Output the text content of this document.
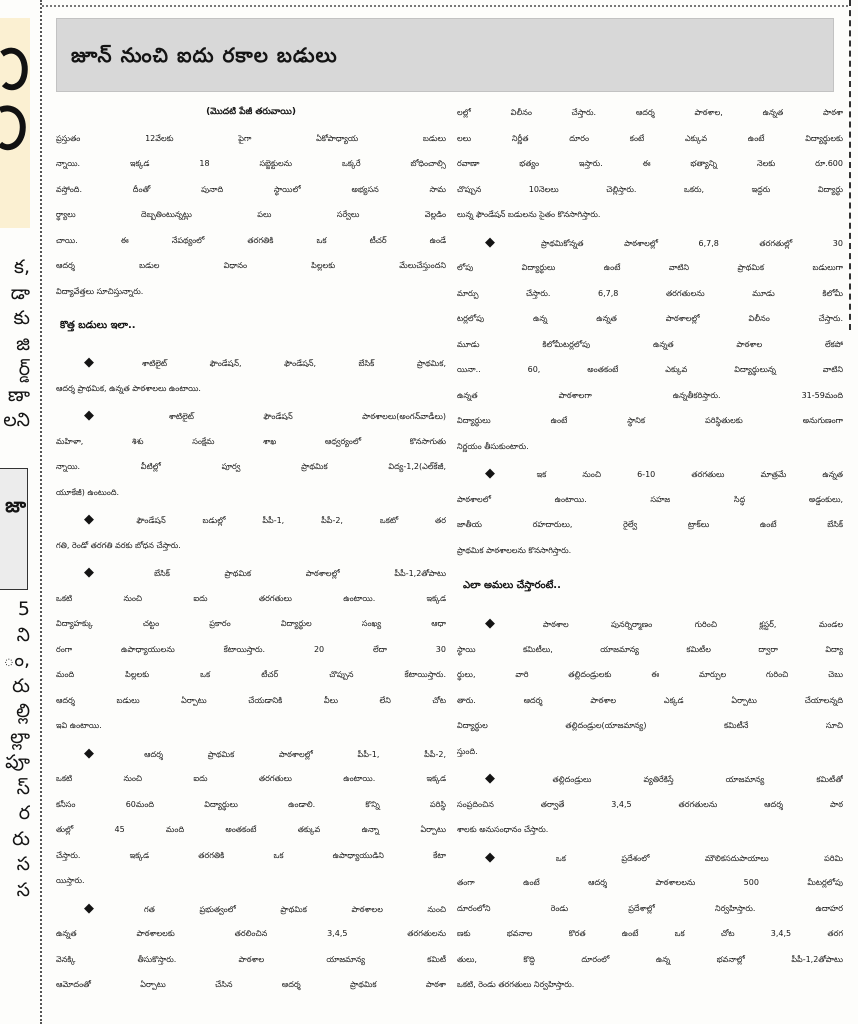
క,
డా
కు
జి
ర్డ్
ణా
లని
జా
5
ని
ం,
రు
ల్లి
ల్లా
పూ
స్
ర
రు
స
స
జూన్ నుంచి ఐదు రకాల బడులు
(మొదటి పేజీ తరువాయి)
ప్రస్తుతం 12వేలకు పైగా ఏకోపాధ్యాయ బడులు
న్నాయి. ఇక్కడ 18 సబ్జెక్టులను ఒక్కరే బోధించాల్సి
వస్తోంది. దీంతో పునాది స్థాయిలో అభ్యసన సామ
ర్థ్యాలు దెబ్బతింటున్నట్లు పలు సర్వేలు వెల్లడిం
చాయి. ఈ నేపథ్యంలో తరగతికి ఒక టీచర్ ఉండే
ఆదర్శ బడుల విధానం పిల్లలకు మేలుచేస్తుందని
విద్యావేత్తలు సూచిస్తున్నారు.
కొత్త బడులు ఇలా..
◆ శాటిలైట్ ఫౌండేషన్, ఫౌండేషన్, బేసిక్ ప్రాథమిక,
ఆదర్శ ప్రాథమిక, ఉన్నత పాఠశాలలు ఉంటాయి.
◆ శాటిలైట్ ఫౌండేషన్ పాఠశాలలు(అంగన్‌వాడీలు)
మహిళా, శిశు సంక్షేమ శాఖ ఆధ్వర్యంలో కొనసాగుతు
న్నాయి. వీటిల్లో పూర్వ ప్రాథమిక విద్య-1,2(ఎల్‌కేజీ,
యూకేజీ) ఉంటుంది.
◆ ఫౌండేషన్ బడుల్లో పీపీ-1, పీపీ-2, ఒకటో తర
గతి, రెండో తరగతి వరకు బోధన చేస్తారు.
◆ బేసిక్ ప్రాథమిక పాఠశాలల్లో పీపీ-1,2తోపాటు
ఒకటి నుంచి ఐదు తరగతులు ఉంటాయి. ఇక్కడ
విద్యాహక్కు చట్టం ప్రకారం విద్యార్థుల సంఖ్య ఆధా
రంగా ఉపాధ్యాయులను కేటాయిస్తారు. 20 లేదా 30
మంది పిల్లలకు ఒక టీచర్ చొప్పున కేటాయిస్తారు.
ఆదర్శ బడులు ఏర్పాటు చేయడానికి వీలు లేని చోట
ఇవి ఉంటాయి.
◆ ఆదర్శ ప్రాథమిక పాఠశాలల్లో పీపీ-1, పీపీ-2,
ఒకటి నుంచి ఐదు తరగతులు ఉంటాయి. ఇక్కడ
కనీసం 60మంది విద్యార్థులు ఉండాలి. కొన్ని పరిస్థి
తుల్లో 45 మంది అంతకంటే తక్కువ ఉన్నా ఏర్పాటు
చేస్తారు. ఇక్కడ తరగతికి ఒక ఉపాధ్యాయుడిని కేటా
యిస్తారు.
◆ గత ప్రభుత్వంలో ప్రాథమిక పాఠశాలల నుంచి
ఉన్నత పాఠశాలలకు తరలించిన 3,4,5 తరగతులను
వెనక్కి తీసుకొస్తారు. పాఠశాల యాజమాన్య కమిటీ
ఆమోదంతో ఏర్పాటు చేసిన ఆదర్శ ప్రాథమిక పాఠశా
లల్లో విలీనం చేస్తారు. ఆదర్శ పాఠశాల, ఉన్నత పాఠశా
లలు నిర్ణీత దూరం కంటే ఎక్కువ ఉంటే విద్యార్థులకు
రవాణా భత్యం ఇస్తారు. ఈ భత్యాన్ని నెలకు రూ.600
చొప్పున 10నెలలు చెల్లిస్తారు. ఒకరు, ఇద్దరు విద్యార్థు
లున్న ఫౌండేషన్ బడులను సైతం కొనసాగిస్తారు.
◆ ప్రాథమికోన్నత పాఠశాలల్లో 6,7,8 తరగతుల్లో 30
లోపు విద్యార్థులు ఉంటే వాటిని ప్రాథమిక బడులుగా
మార్పు చేస్తారు. 6,7,8 తరగతులను మూడు కిలోమీ
టర్లలోపు ఉన్న ఉన్నత పాఠశాలల్లో విలీనం చేస్తారు.
మూడు కిలోమీటర్లలోపు ఉన్నత పాఠశాల లేకపో
యినా.. 60, అంతకంటే ఎక్కువ విద్యార్థులున్న వాటిని
ఉన్నత పాఠశాలగా ఉన్నతీకరిస్తారు. 31-59మంది
విద్యార్థులు ఉంటే స్థానిక పరిస్థితులకు అనుగుణంగా
నిర్ణయం తీసుకుంటారు.
◆ ఇక నుంచి 6-10 తరగతులు మాత్రమే ఉన్నత
పాఠశాలలో ఉంటాయి. సహజ సిద్ధ అడ్డంకులు,
జాతీయ రహదారులు, రైల్వే ట్రాక్‌లు ఉంటే బేసిక్
ప్రాథమిక పాఠశాలలను కొనసాగిస్తారు.
ఎలా అమలు చేస్తారంటే..
◆ పాఠశాల పునర్నిర్మాణం గురించి క్లస్టర్, మండల
స్థాయి కమిటీలు, యాజమాన్య కమిటీల ద్వారా విద్యా
ర్థులు, వారి తల్లిదండ్రులకు ఈ మార్పుల గురించి చెబు
తారు. ఆదర్శ పాఠశాల ఎక్కడ ఏర్పాటు చేయాలన్నది
విద్యార్థుల తల్లిదండ్రుల(యాజమాన్య) కమిటీనే సూచి
స్తుంది.
◆ తల్లిదండ్రులు వ్యతిరేకిస్తే యాజమాన్య కమిటీతో
సంప్రదించిన తర్వాతే 3,4,5 తరగతులను ఆదర్శ పాఠ
శాలకు అనుసంధానం చేస్తారు.
◆ ఒక ప్రదేశంలో మౌలికసదుపాయాలు పరిమి
తంగా ఉంటే ఆదర్శ పాఠశాలలను 500 మీటర్లలోపు
దూరంలోని రెండు ప్రదేశాల్లో నిర్వహిస్తారు. ఉదాహర
ణకు భవనాల కొరత ఉంటే ఒక చోట 3,4,5 తరగ
తులు, కొద్ది దూరంలో ఉన్న భవనాల్లో పీపీ-1,2తోపాటు
ఒకటి, రెండు తరగతులు నిర్వహిస్తారు.
